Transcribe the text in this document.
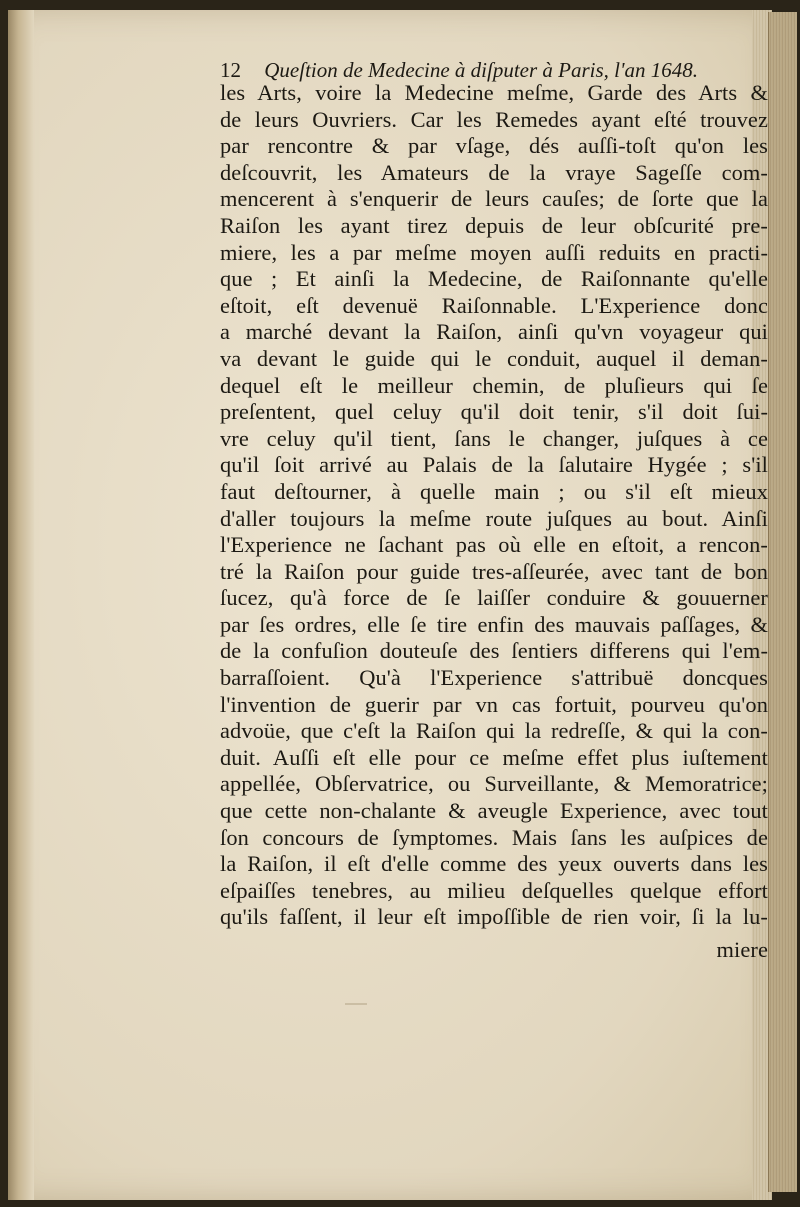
12 Queſtion de Medecine à diſputer à Paris, l'an 1648.
les Arts, voire la Medecine meſme, Garde des Arts &
de leurs Ouvriers. Car les Remedes ayant eſté trouvez
par rencontre & par vſage, dés auſſi-toſt qu'on les
deſcouvrit, les Amateurs de la vraye Sageſſe com-
mencerent à s'enquerir de leurs cauſes; de ſorte que la
Raiſon les ayant tirez depuis de leur obſcurité pre-
miere, les a par meſme moyen auſſi reduits en practi-
que ; Et ainſi la Medecine, de Raiſonnante qu'elle
eſtoit, eſt devenuë Raiſonnable. L'Experience donc
a marché devant la Raiſon, ainſi qu'vn voyageur qui
va devant le guide qui le conduit, auquel il deman-
dequel eſt le meilleur chemin, de pluſieurs qui ſe
preſentent, quel celuy qu'il doit tenir, s'il doit ſui-
vre celuy qu'il tient, ſans le changer, juſques à ce
qu'il ſoit arrivé au Palais de la ſalutaire Hygée ; s'il
faut deſtourner, à quelle main ; ou s'il eſt mieux
d'aller toujours la meſme route juſques au bout. Ainſi
l'Experience ne ſachant pas où elle en eſtoit, a rencon-
tré la Raiſon pour guide tres-aſſeurée, avec tant de bon
ſucez, qu'à force de ſe laiſſer conduire & gouuerner
par ſes ordres, elle ſe tire enfin des mauvais paſſages, &
de la confuſion douteuſe des ſentiers differens qui l'em-
barraſſoient. Qu'à l'Experience s'attribuë doncques
l'invention de guerir par vn cas fortuit, pourveu qu'on
advoüe, que c'eſt la Raiſon qui la redreſſe, & qui la con-
duit. Auſſi eſt elle pour ce meſme effet plus iuſtement
appellée, Obſervatrice, ou Surveillante, & Memoratrice;
que cette non-chalante & aveugle Experience, avec tout
ſon concours de ſymptomes. Mais ſans les auſpices de
la Raiſon, il eſt d'elle comme des yeux ouverts dans les
eſpaiſſes tenebres, au milieu deſquelles quelque effort
qu'ils faſſent, il leur eſt impoſſible de rien voir, ſi la lu-
miere
